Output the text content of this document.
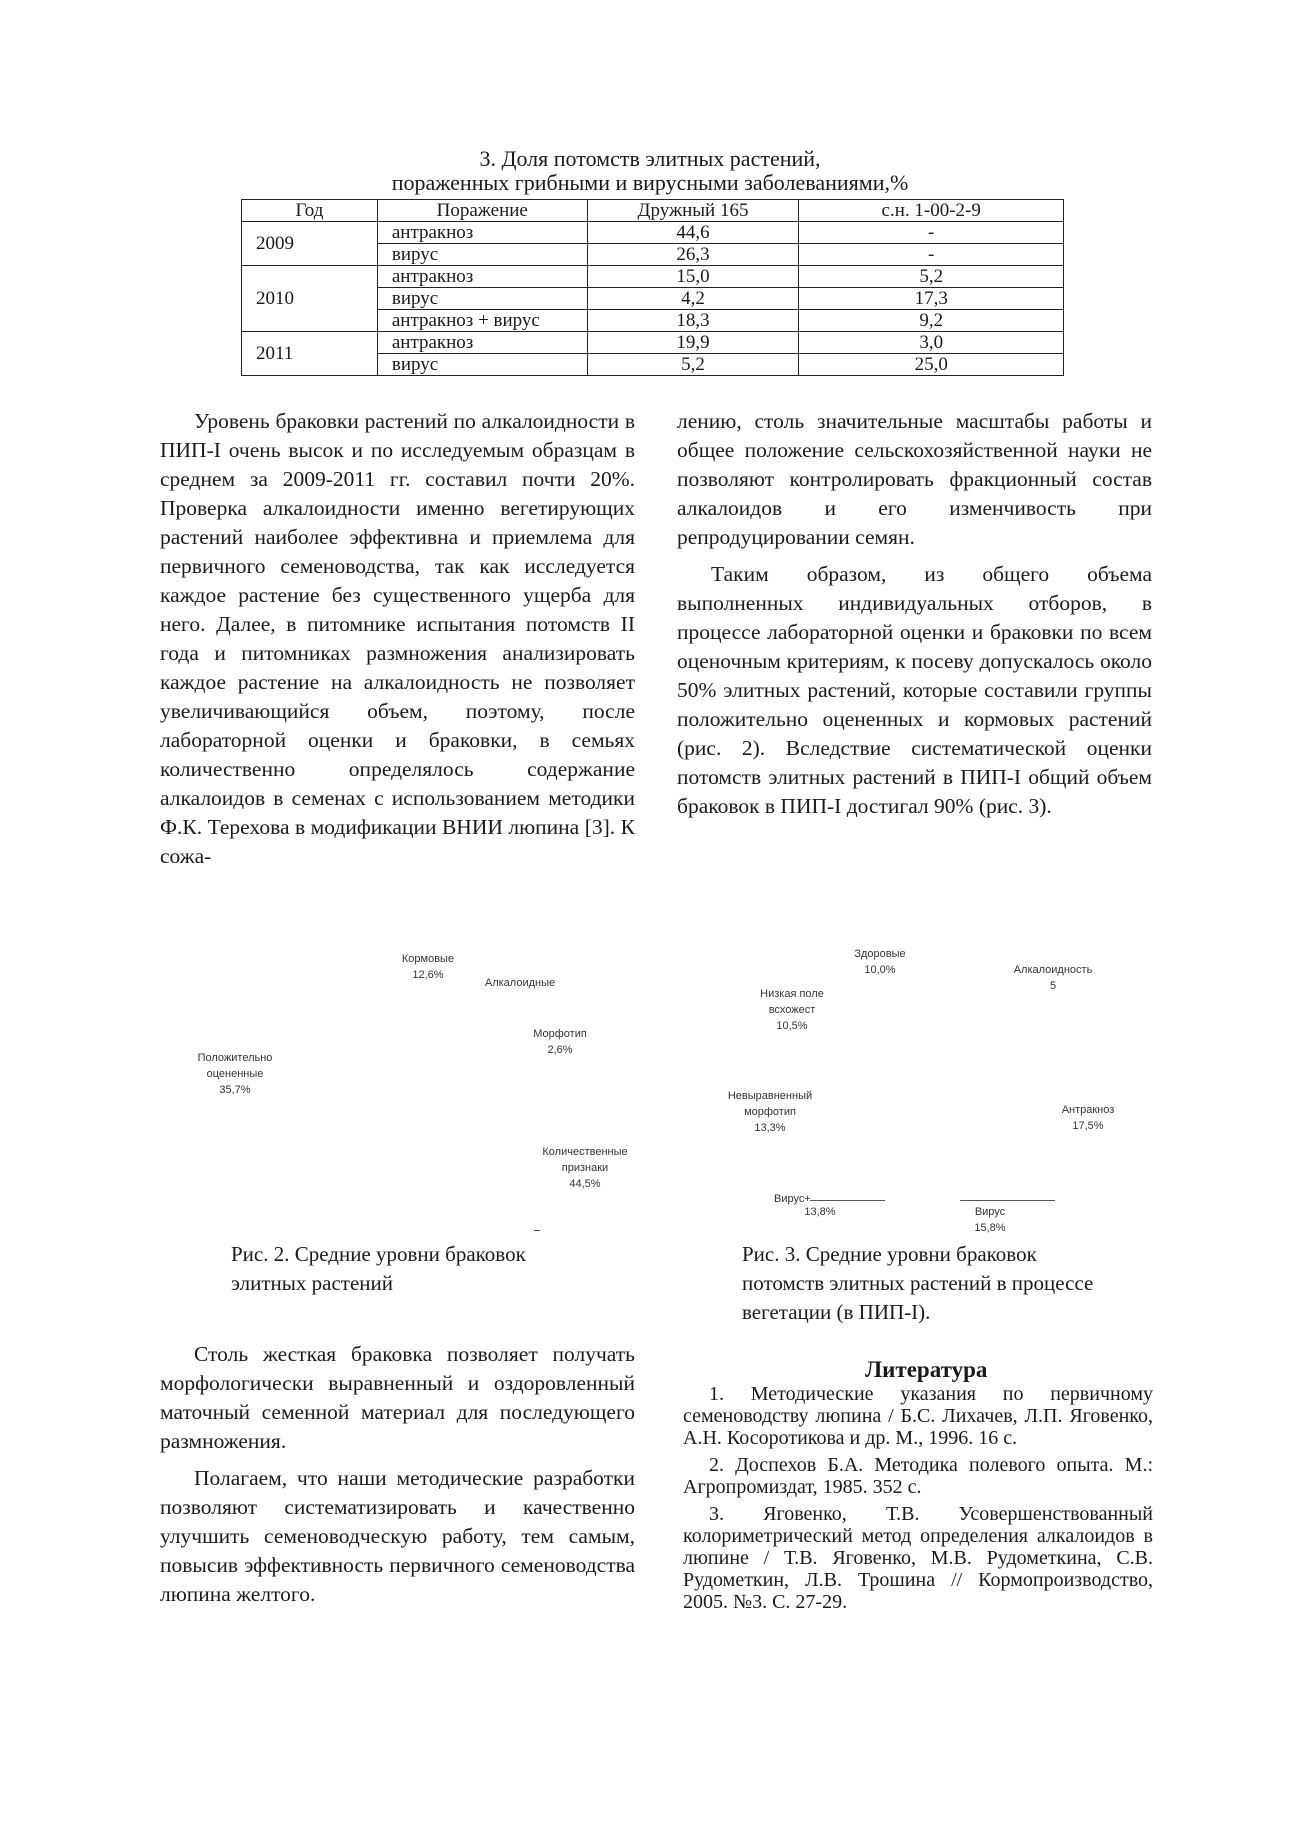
3. Доля потомств элитных растений,
пораженных грибными и вирусными заболеваниями,%
Год	Поражение	Дружный 165	с.н. 1-00-2-9
2009	антракноз	44,6	-
	вирус	26,3	-
2010	антракноз	15,0	5,2
	вирус	4,2	17,3
	антракноз + вирус	18,3	9,2
2011	антракноз	19,9	3,0
	вирус	5,2	25,0

Уровень браковки растений по алкалоидности в ПИП-I очень высок и по исследуемым образцам в среднем за 2009-2011 гг. составил почти 20%. Проверка алкалоидности именно вегетирующих растений наиболее эффективна и приемлема для первичного семеноводства, так как исследуется каждое растение без существенного ущерба для него. Далее, в питомнике испытания потомств II года и питомниках размножения анализировать каждое растение на алкалоидность не позволяет увеличивающийся объем, поэтому, после лабораторной оценки и браковки, в семьях количественно определялось содержание алкалоидов в семенах с использованием методики Ф.К. Терехова в модификации ВНИИ люпина [3]. К сожа-

лению, столь значительные масштабы работы и общее положение сельскохозяйственной науки не позволяют контролировать фракционный состав алкалоидов и его изменчивость при репродуцировании семян.

Таким образом, из общего объема выполненных индивидуальных отборов, в процессе лабораторной оценки и браковки по всем оценочным критериям, к посеву допускалось около 50% элитных растений, которые составили группы положительно оцененных и кормовых растений (рис. 2). Вследствие систематической оценки потомств элитных растений в ПИП-I общий объем браковок в ПИП-I достигал 90% (рис. 3).

Кормовые
12,6%
Алкалоидные
Морфотип
2,6%
Положительно
оцененные
35,7%
Количественные
признаки
44,5%
Здоровые
10,0%	Алкалоидность
5
Низкая поле
всхожест
10,5%
Невыравненный
морфотип
13,3%
Антракноз
17,5%
Вирус+
13,8%	Вирус
15,8%
Рис. 2. Средние уровни браковок элитных растений
Рис. 3. Средние уровни браковок потомств элитных растений в процессе вегетации (в ПИП-I).

Столь жесткая браковка позволяет получать морфологически выравненный и оздоровленный маточный семенной материал для последующего размножения.

Полагаем, что наши методические разработки позволяют систематизировать и качественно улучшить семеноводческую работу, тем самым, повысив эффективность первичного семеноводства люпина желтого.

Литература

1. Методические указания по первичному семеноводству люпина / Б.С. Лихачев, Л.П. Яговенко, А.Н. Косоротикова и др. М., 1996. 16 с.

2. Доспехов Б.А. Методика полевого опыта. М.: Агропромиздат, 1985. 352 с.

3. Яговенко, Т.В. Усовершенствованный колориметрический метод определения алкалоидов в люпине / Т.В. Яговенко, М.В. Рудометкина, С.В. Рудометкин, Л.В. Трошина // Кормопроизводство, 2005. №3. С. 27-29.
